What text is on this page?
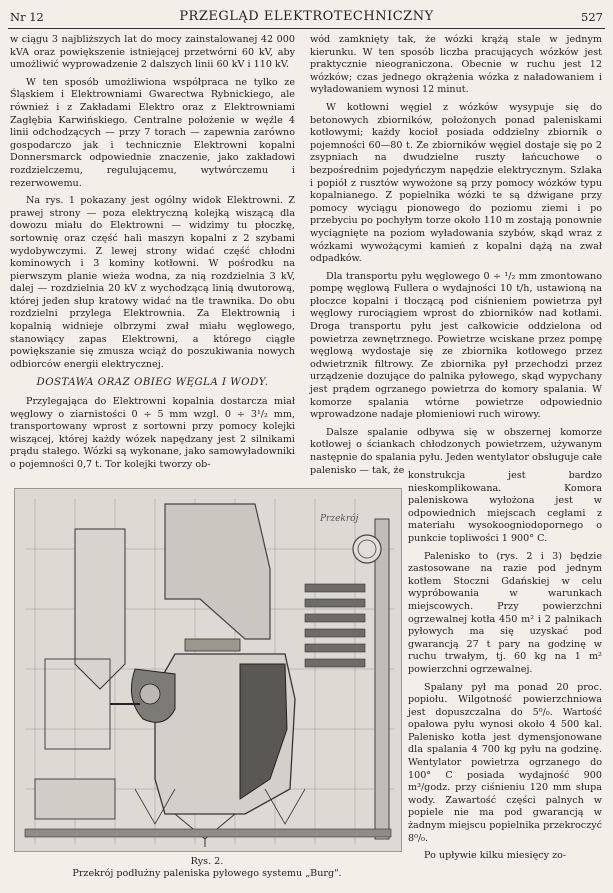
Nr 12	PRZEGLĄD ELEKTROTECHNICZNY	527

w ciągu 3 najbliższych lat do mocy zainstalowanej 42 000 kVA oraz powiększenie istniejącej przetwórni 60 kV, aby umożliwić wyprowadzenie 2 dalszych linii 60 kV i 110 kV.

W ten sposób umożliwiona współpraca ne tylko ze Śląskiem i Elektrowniami Gwarectwa Rybnickiego, ale również i z Zakładami Elektro oraz z Elektrowniami Zagłębia Karwińskiego. Centralne położenie w węźle 4 linii odchodzących — przy 7 torach — zapewnia zarówno gospodarczo jak i technicznie Elektrowni kopalni Donnersmarck odpowiednie znaczenie, jako zakładowi rozdzielczemu, regulującemu, wytwórczemu i rezerwowemu.

Na rys. 1 pokazany jest ogólny widok Elektrowni. Z prawej strony — poza elektryczną kolejką wiszącą dla dowozu miału do Elektrowni — widzimy tu płoczkę, sortownię oraz część hali maszyn kopalni z 2 szybami wydobywczymi. Z lewej strony widać część chłodni kominowych i 3 kominy kotłowni. W pośrodku na pierwszym planie wieża wodna, za nią rozdzielnia 3 kV, dalej — rozdzielnia 20 kV z wychodzącą linią dwutorową, której jeden słup kratowy widać na tle trawnika. Do obu rozdzielni przylega Elektrownia. Za Elektrownią i kopalnią widnieje olbrzymi zwał miału węglowego, stanowiący zapas Elektrowni, a którego ciągłe powiększanie się zmusza wciąż do poszukiwania nowych odbiorców energii elektrycznej.

DOSTAWA ORAZ OBIEG WĘGLA I WODY.

Przylegająca do Elektrowni kopalnia dostarcza miał węglowy o ziarnistości 0 ÷ 5 mm wzgl. 0 ÷ 3¹/₂ mm, transportowany wprost z sortowni przy pomocy kolejki wiszącej, której każdy wózek napędzany jest 2 silnikami prądu stałego. Wózki są wykonane, jako samowyładowniki o pojemności 0,7 t. Tor kolejki tworzy ob-

wód zamknięty tak, że wózki krążą stale w jednym kierunku. W ten sposób liczba pracujących wózków jest praktycznie nieograniczona. Obecnie w ruchu jest 12 wózków; czas jednego okrążenia wózka z naładowaniem i wyładowaniem wynosi 12 minut.

W kotłowni węgiel z wózków wysypuje się do betonowych zbiorników, położonych ponad paleniskami kotłowymi; każdy kocioł posiada oddzielny zbiornik o pojemności 60—80 t. Ze zbiorników węgiel dostaje się po 2 zsypniach na dwudzielne ruszty łańcuchowe o bezpośrednim pojedyńczym napędzie elektrycznym. Szlaka i popiół z rusztów wywożone są przy pomocy wózków typu kopalnianego. Z popielnika wózki te są dźwigane przy pomocy wyciągu pionowego do poziomu ziemi i po przebyciu po pochyłym torze około 110 m zostają ponownie wyciągnięte na poziom wyładowania szybów, skąd wraz z wózkami wywożącymi kamień z kopalni dążą na zwał odpadków.

Dla transportu pyłu węglowego 0 ÷ ¹/₂ mm zmontowano pompę węglową Fullera o wydajności 10 t/h, ustawioną na płoczce kopalni i tłoczącą pod ciśnieniem powietrza pył węglowy rurociągiem wprost do zbiorników nad kotłami. Droga transportu pyłu jest całkowicie oddzielona od powietrza zewnętrznego. Powietrze wciskane przez pompę węglową wydostaje się ze zbiornika kotłowego przez odwietrznik filtrowy. Ze zbiornika pył przechodzi przez urządzenie dozujące do palnika pyłowego, skąd wypychany jest prądem ogrzanego powietrza do komory spalania. W komorze spalania wtórne powietrze odpowiednio wprowadzone nadaje płomieniowi ruch wirowy.

Dalsze spalanie odbywa się w obszernej komorze kotłowej o ściankach chłodzonych powietrzem, używanym następnie do spalania pyłu. Jeden wentylator obsługuje całe palenisko — tak, że konstrukcja jest bardzo nieskomplikowana. Komora paleniskowa wyłożona jest w odpowiednich miejscach cegłami z materiału wysokoogniodopornego o punkcie topliwości 1 900° C.

Palenisko to (rys. 2 i 3) będzie zastosowane na razie pod jednym kotłem Stoczni Gdańskiej w celu wypróbowania w warunkach miejscowych. Przy powierzchni ogrzewalnej kotła 450 m² i 2 palnikach pyłowych ma się uzyskać pod gwarancją 27 t pary na godzinę w ruchu trwałym, tj. 60 kg na 1 m² powierzchni ogrzewalnej.

Spalany pył ma ponad 20 proc. popiołu. Wilgotność powierzchniowa jest dopuszczalna do 5⁰/₀. Wartość opałowa pyłu wynosi około 4 500 kal. Palenisko kotła jest dymensjonowane dla spalania 4 700 kg pyłu na godzinę. Wentylator powietrza ogrzanego do 100° C posiada wydajność 900 m³/godz. przy ciśnieniu 120 mm słupa wody. Zawartość części palnych w popiele nie ma pod gwarancją w żadnym miejscu popielnika przekroczyć 8⁰/₀.

Po upływie kilku miesięcy zo-

Przekrój
Rys. 2.
Przekrój podłużny paleniska pyłowego systemu „Burg".
